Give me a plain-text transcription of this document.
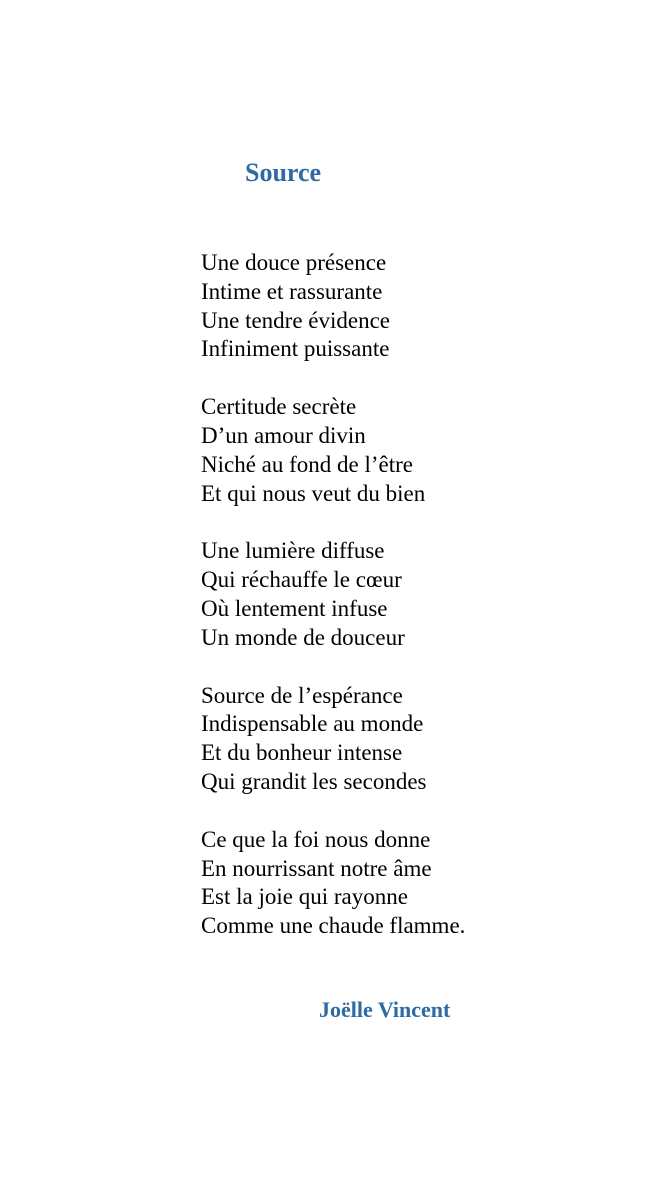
Source
Une douce présence
Intime et rassurante
Une tendre évidence
Infiniment puissante
Certitude secrète
D’un amour divin
Niché au fond de l’être
Et qui nous veut du bien
Une lumière diffuse
Qui réchauffe le cœur
Où lentement infuse
Un monde de douceur
Source de l’espérance
Indispensable au monde
Et du bonheur intense
Qui grandit les secondes
Ce que la foi nous donne
En nourrissant notre âme
Est la joie qui rayonne
Comme une chaude flamme.

Joëlle Vincent
